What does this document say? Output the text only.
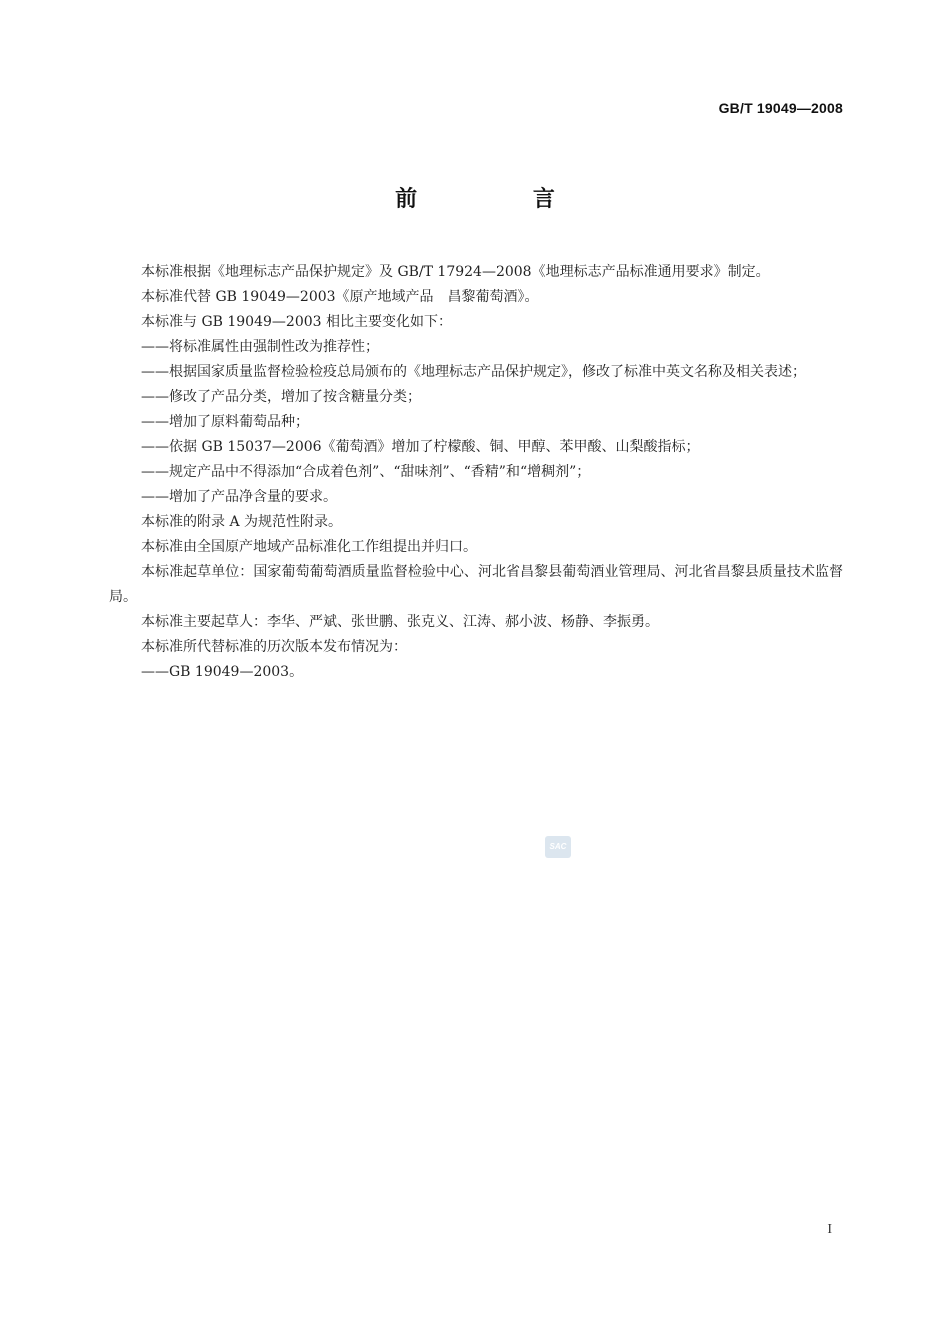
GB/T 19049—2008
前 言

本标准根据《地理标志产品保护规定》及 GB/T 17924—2008《地理标志产品标准通用要求》制定。

本标准代替 GB 19049—2003《原产地域产品　昌黎葡萄酒》。

本标准与 GB 19049—2003 相比主要变化如下：

——将标准属性由强制性改为推荐性；

——根据国家质量监督检验检疫总局颁布的《地理标志产品保护规定》，修改了标准中英文名称及相关表述；

——修改了产品分类，增加了按含糖量分类；

——增加了原料葡萄品种；

——依据 GB 15037—2006《葡萄酒》增加了柠檬酸、铜、甲醇、苯甲酸、山梨酸指标；

——规定产品中不得添加“合成着色剂”、“甜味剂”、“香精”和“增稠剂”；

——增加了产品净含量的要求。

本标准的附录 A 为规范性附录。

本标准由全国原产地域产品标准化工作组提出并归口。

本标准起草单位：国家葡萄葡萄酒质量监督检验中心、河北省昌黎县葡萄酒业管理局、河北省昌黎县质量技术监督局。

本标准主要起草人：李华、严斌、张世鹏、张克义、江涛、郝小波、杨静、李振勇。

本标准所代替标准的历次版本发布情况为：

——GB 19049—2003。

SAC
I
